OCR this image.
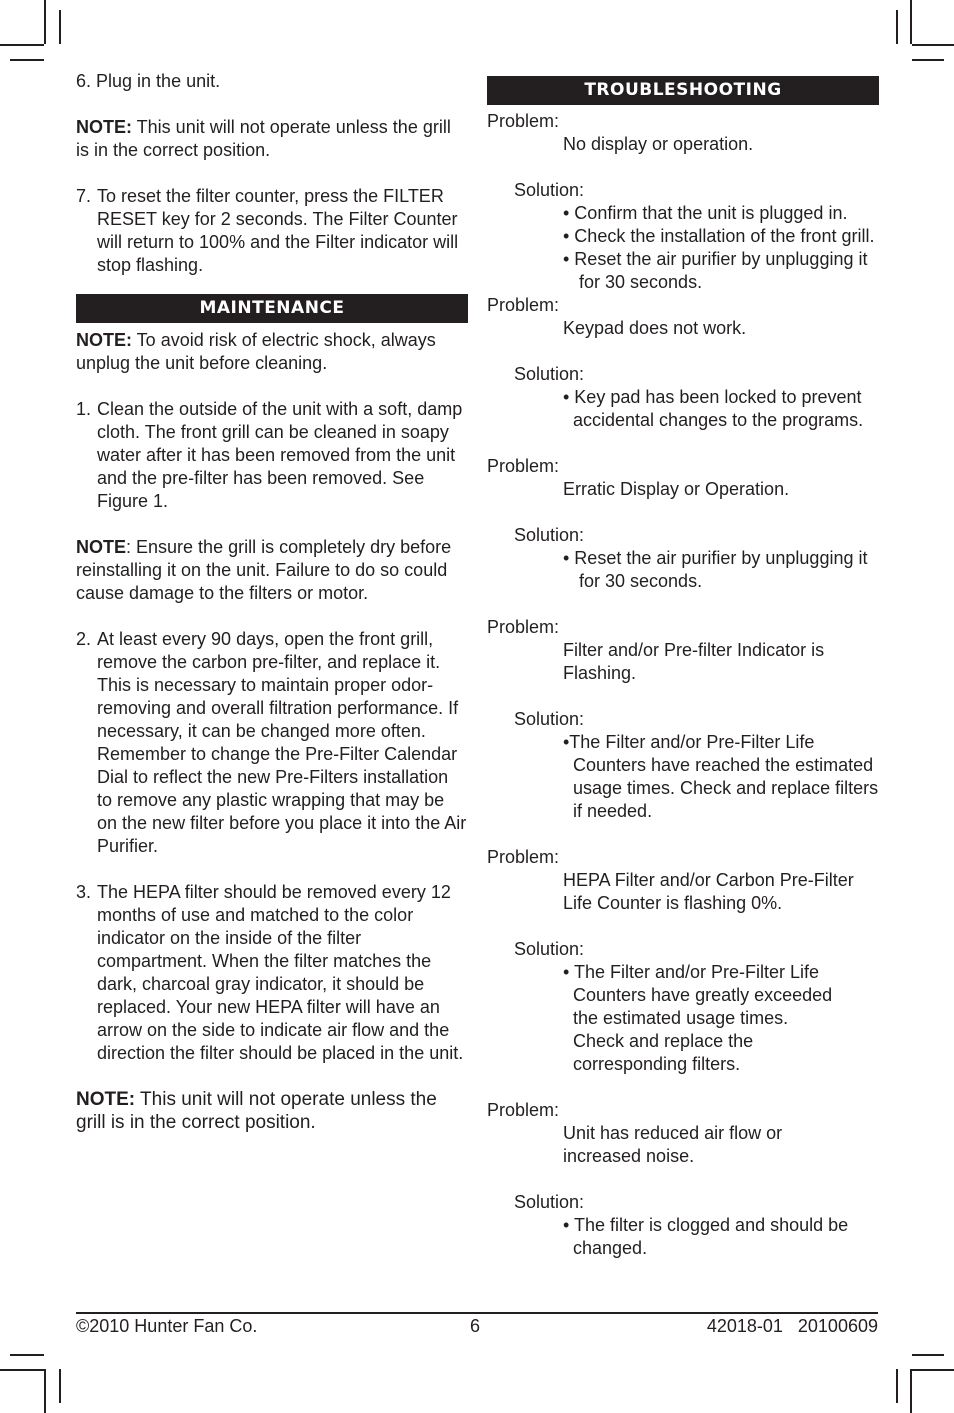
6. Plug in the unit.

NOTE: This unit will not operate unless the grill is in the correct position.

7. To reset the filter counter, press the FILTER RESET key for 2 seconds. The Filter Counter will return to 100% and the Filter indicator will stop flashing.
MAINTENANCE

NOTE: To avoid risk of electric shock, always unplug the unit before cleaning.

1. Clean the outside of the unit with a soft, damp cloth. The front grill can be cleaned in soapy water after it has been removed from the unit and the pre-filter has been removed. See Figure 1.

NOTE: Ensure the grill is completely dry before reinstalling it on the unit. Failure to do so could cause damage to the filters or motor.

2. At least every 90 days, open the front grill, remove the carbon pre-filter, and replace it. This is necessary to maintain proper odor-removing and overall filtration performance. If necessary, it can be changed more often. Remember to change the Pre-Filter Calendar Dial to reflect the new Pre-Filters installation to remove any plastic wrapping that may be on the new filter before you place it into the Air Purifier.
3. The HEPA filter should be removed every 12 months of use and matched to the color indicator on the inside of the filter compartment. When the filter matches the dark, charcoal gray indicator, it should be replaced. Your new HEPA filter will have an arrow on the side to indicate air flow and the direction the filter should be placed in the unit.

NOTE: This unit will not operate unless the grill is in the correct position.

TROUBLESHOOTING

Problem:

No display or operation.

Solution:

• Confirm that the unit is plugged in.
• Check the installation of the front grill.
• Reset the air purifier by unplugging it for 30 seconds.

Problem:

Keypad does not work.

Solution:

• Key pad has been locked to prevent accidental changes to the programs.

Problem:

Erratic Display or Operation.

Solution:

• Reset the air purifier by unplugging it for 30 seconds.

Problem:

Filter and/or Pre-filter Indicator is Flashing.

Solution:

•The Filter and/or Pre-Filter Life Counters have reached the estimated usage times. Check and replace filters if needed.

Problem:

HEPA Filter and/or Carbon Pre-Filter Life Counter is flashing 0%.

Solution:

• The Filter and/or Pre-Filter Life Counters have greatly exceeded the estimated usage times. Check and replace the corresponding filters.

Problem:

Unit has reduced air flow or increased noise.

Solution:

• The filter is clogged and should be changed.
©2010 Hunter Fan Co.	6	42018-01   20100609
